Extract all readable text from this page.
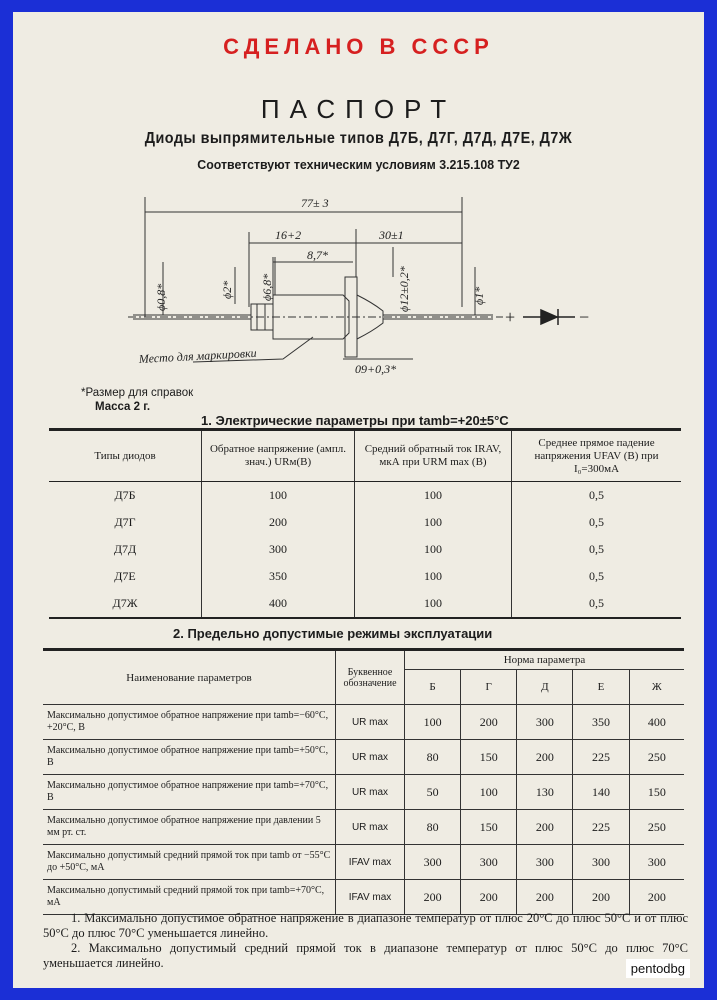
СДЕЛАНО В СССР
ПАСПОРТ
Диоды выпрямительные типов Д7Б, Д7Г, Д7Д, Д7Е, Д7Ж
Соответствуют техническим условиям 3.215.108 ТУ2
77± 3
16+2
8,7*
30±1
ϕ0,8*	ϕ2* ϕ6,8*	ϕ12±0,2*	ϕ1*
09+0,3*
Место для маркировки
+	−
*Размер для справок
Масса 2 г.
1. Электрические параметры при tamb=+20±5°C
Типы диодов	Обратное напряжение (ампл. знач.) URм(B)	Средний обратный ток IRAV, мкА при URM max (B)	Среднее прямое падение напряжения UFAV (B) при I₀=300мА
Д7Б	100	100	0,5
Д7Г	200	100	0,5
Д7Д	300	100	0,5
Д7Е	350	100	0,5
Д7Ж	400	100	0,5
2. Предельно допустимые режимы эксплуатации
Наименование параметров	Буквенное обозначение	Норма параметра				
		Б	Г	Д	Е	Ж
Максимально допустимое обратное напряжение при tamb=−60°C, +20°C, В	UR max	100	200	300	350	400
Максимально допустимое обратное напряжение при tamb=+50°C, В	UR max	80	150	200	225	250
Максимально допустимое обратное напряжение при tamb=+70°C, В	UR max	50	100	130	140	150
Максимально допустимое обратное напряжение при давлении 5 мм рт. ст.	UR max	80	150	200	225	250
Максимально допустимый средний прямой ток при tamb от −55°С до +50°C, мА	IFAV max	300	300	300	300	300
Максимально допустимый средний прямой ток при tamb=+70°C, мА	IFAV max	200	200	200	200	200
1. Максимально допустимое обратное напряжение в диапазоне температур от плюс 20°С до плюс 50°С и от плюс 50°С до плюс 70°С уменьшается линейно.
2. Максимально допустимый средний прямой ток в диапазоне температур от плюс 50°С до плюс 70°С уменьшается линейно.	pentodbg
